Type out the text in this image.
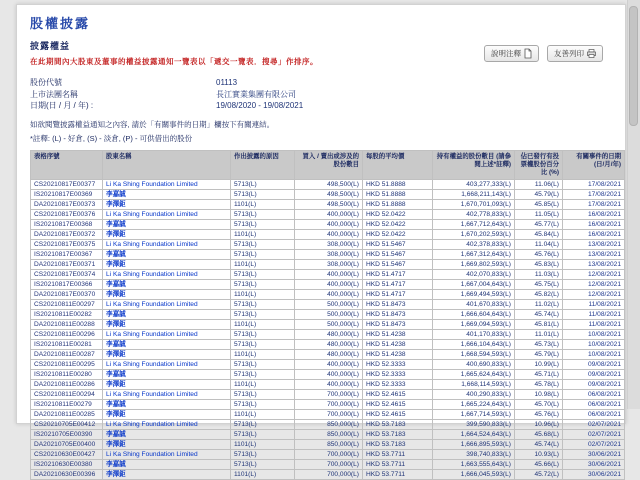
股權披露
披露權益
在此期間內大股東及董事的權益披露通知一覽表以「遞交一覽表．搜尋」作排序。
說明注釋	友善列印
股份代號	01113
上市法團名稱	長江實業集團有限公司
日期(日 / 月 / 年) :	19/08/2020 - 19/08/2021
如欲閱覽披露權益通知之內容, 請於「有關事件的日期」欄按下有關連結。
*註釋: (L) - 好倉, (S) - 淡倉, (P) - 可供借出的股份
表格序號	股東名稱	作出披露的原因	買入 / 賣出或涉及的股份數目	每股的平均價	持有權益的股份數目 (請參閱上述*註釋)	佔已發行有投票權股份百分比 (%)	有關事件的日期 (日/月/年)
CS20210817E00377	Li Ka Shing Foundation Limited	5713(L)	498,500(L)	HKD 51.8888	403,277,333(L)	11.06(L)	17/08/2021
IS20210817E00369	李嘉誠	5713(L)	498,500(L)	HKD 51.8888	1,668,211,143(L)	45.79(L)	17/08/2021
DA20210817E00373	李澤鉅	1101(L)	498,500(L)	HKD 51.8888	1,670,701,093(L)	45.85(L)	17/08/2021
CS20210817E00376	Li Ka Shing Foundation Limited	5713(L)	400,000(L)	HKD 52.0422	402,778,833(L)	11.05(L)	16/08/2021
IS20210817E00368	李嘉誠	5713(L)	400,000(L)	HKD 52.0422	1,667,712,643(L)	45.77(L)	16/08/2021
DA20210817E00372	李澤鉅	1101(L)	400,000(L)	HKD 52.0422	1,670,202,593(L)	45.84(L)	16/08/2021
CS20210817E00375	Li Ka Shing Foundation Limited	5713(L)	308,000(L)	HKD 51.5467	402,378,833(L)	11.04(L)	13/08/2021
IS20210817E00367	李嘉誠	5713(L)	308,000(L)	HKD 51.5467	1,667,312,643(L)	45.76(L)	13/08/2021
DA20210817E00371	李澤鉅	1101(L)	308,000(L)	HKD 51.5467	1,669,802,593(L)	45.83(L)	13/08/2021
CS20210817E00374	Li Ka Shing Foundation Limited	5713(L)	400,000(L)	HKD 51.4717	402,070,833(L)	11.03(L)	12/08/2021
IS20210817E00366	李嘉誠	5713(L)	400,000(L)	HKD 51.4717	1,667,004,643(L)	45.75(L)	12/08/2021
DA20210817E00370	李澤鉅	1101(L)	400,000(L)	HKD 51.4717	1,669,494,593(L)	45.82(L)	12/08/2021
CS20210811E00297	Li Ka Shing Foundation Limited	5713(L)	500,000(L)	HKD 51.8473	401,670,833(L)	11.02(L)	11/08/2021
IS20210811E00282	李嘉誠	5713(L)	500,000(L)	HKD 51.8473	1,666,604,643(L)	45.74(L)	11/08/2021
DA20210811E00288	李澤鉅	1101(L)	500,000(L)	HKD 51.8473	1,669,094,593(L)	45.81(L)	11/08/2021
CS20210811E00296	Li Ka Shing Foundation Limited	5713(L)	480,000(L)	HKD 51.4238	401,170,833(L)	11.01(L)	10/08/2021
IS20210811E00281	李嘉誠	5713(L)	480,000(L)	HKD 51.4238	1,666,104,643(L)	45.73(L)	10/08/2021
DA20210811E00287	李澤鉅	1101(L)	480,000(L)	HKD 51.4238	1,668,594,593(L)	45.79(L)	10/08/2021
CS20210811E00295	Li Ka Shing Foundation Limited	5713(L)	400,000(L)	HKD 52.3333	400,690,833(L)	10.99(L)	09/08/2021
IS20210811E00280	李嘉誠	5713(L)	400,000(L)	HKD 52.3333	1,665,624,643(L)	45.71(L)	09/08/2021
DA20210811E00286	李澤鉅	1101(L)	400,000(L)	HKD 52.3333	1,668,114,593(L)	45.78(L)	09/08/2021
CS20210811E00294	Li Ka Shing Foundation Limited	5713(L)	700,000(L)	HKD 52.4615	400,290,833(L)	10.98(L)	06/08/2021
IS20210811E00279	李嘉誠	5713(L)	700,000(L)	HKD 52.4615	1,665,224,643(L)	45.70(L)	06/08/2021
DA20210811E00285	李澤鉅	1101(L)	700,000(L)	HKD 52.4615	1,667,714,593(L)	45.76(L)	06/08/2021
CS20210705E00412	Li Ka Shing Foundation Limited	5713(L)	850,000(L)	HKD 53.7183	399,590,833(L)	10.96(L)	02/07/2021
IS20210705E00390	李嘉誠	5713(L)	850,000(L)	HKD 53.7183	1,664,524,643(L)	45.68(L)	02/07/2021
DA20210705E00400	李澤鉅	1101(L)	850,000(L)	HKD 53.7183	1,666,895,593(L)	45.74(L)	02/07/2021
CS20210630E00427	Li Ka Shing Foundation Limited	5713(L)	700,000(L)	HKD 53.7711	398,740,833(L)	10.93(L)	30/06/2021
IS20210630E00380	李嘉誠	5713(L)	700,000(L)	HKD 53.7711	1,663,555,643(L)	45.66(L)	30/06/2021
DA20210630E00396	李澤鉅	1101(L)	700,000(L)	HKD 53.7711	1,666,045,593(L)	45.72(L)	30/06/2021
